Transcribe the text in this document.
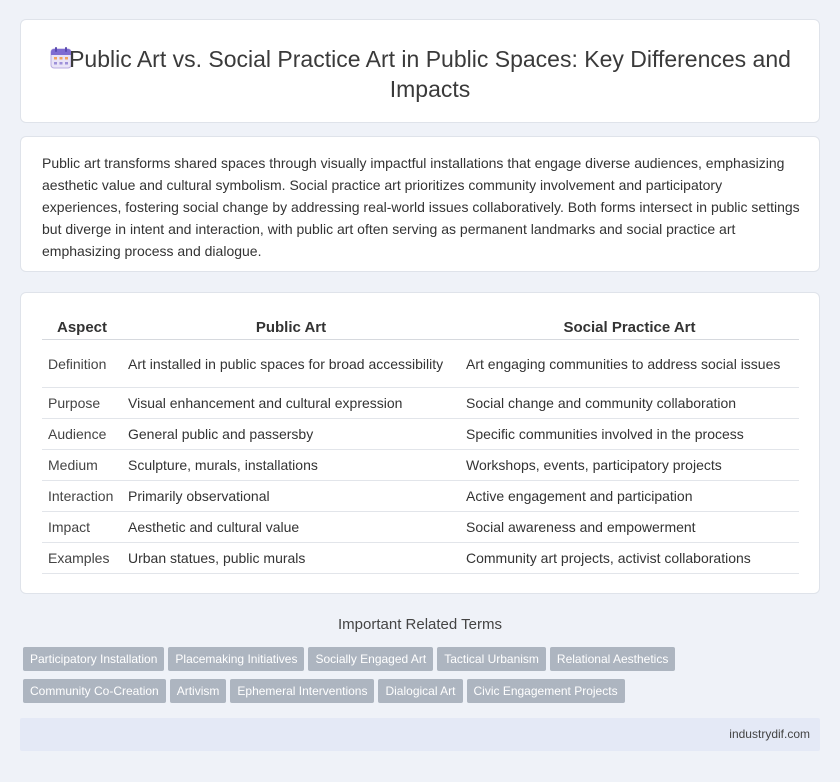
Public Art vs. Social Practice Art in Public Spaces: Key Differences and Impacts

Public art transforms shared spaces through visually impactful installations that engage diverse audiences, emphasizing aesthetic value and cultural symbolism. Social practice art prioritizes community involvement and participatory experiences, fostering social change by addressing real-world issues collaboratively. Both forms intersect in public settings but diverge in intent and interaction, with public art often serving as permanent landmarks and social practice art emphasizing process and dialogue.

Aspect	Public Art	Social Practice Art
Definition	Art installed in public spaces for broad accessibility	Art engaging communities to address social issues
Purpose	Visual enhancement and cultural expression	Social change and community collaboration
Audience	General public and passersby	Specific communities involved in the process
Medium	Sculpture, murals, installations	Workshops, events, participatory projects
Interaction	Primarily observational	Active engagement and participation
Impact	Aesthetic and cultural value	Social awareness and empowerment
Examples	Urban statues, public murals	Community art projects, activist collaborations
Important Related Terms
Participatory Installation Placemaking Initiatives Socially Engaged Art Tactical Urbanism Relational Aesthetics
Community Co-Creation Artivism Ephemeral Interventions Dialogical Art Civic Engagement Projects
industrydif.com
